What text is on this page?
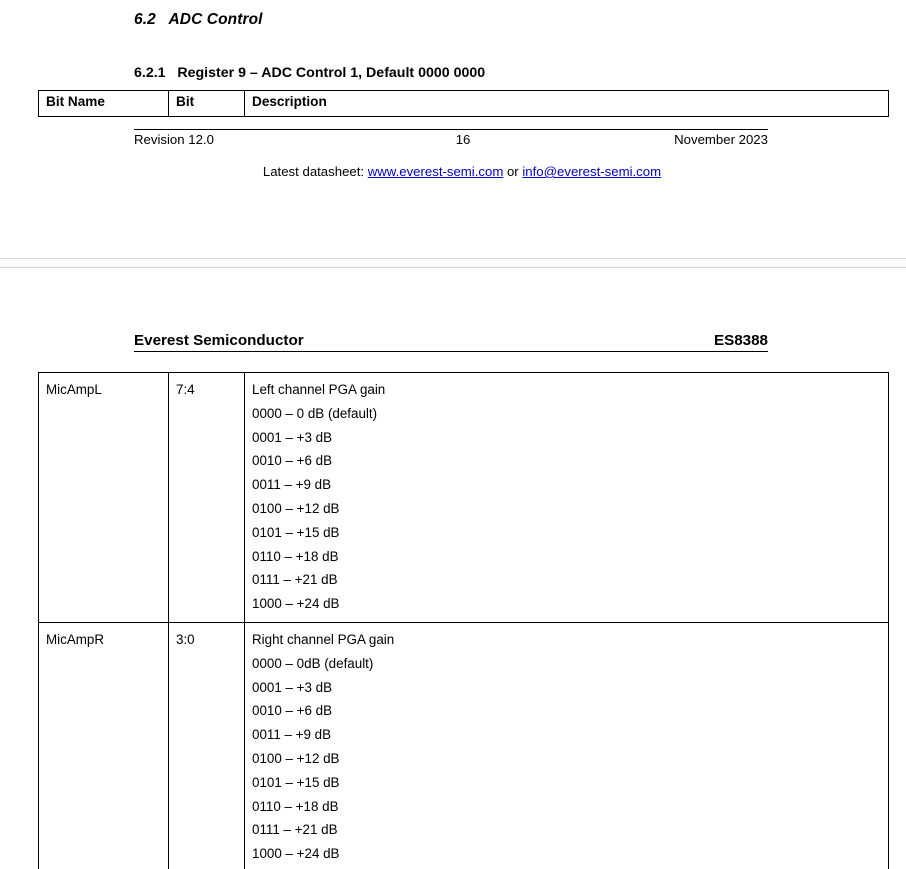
6.2   ADC Control
6.2.1   Register 9 – ADC Control 1, Default 0000 0000
Bit Name	Bit	Description
Revision 12.0	16	November 2023

Latest datasheet: www.everest-semi.com or info@everest-semi.com

Everest Semiconductor	ES8388
MicAmpL	7:4	Left channel PGA gain
0000 – 0 dB (default)
0001 – +3 dB
0010 – +6 dB
0011 – +9 dB
0100 – +12 dB
0101 – +15 dB
0110 – +18 dB
0111 – +21 dB
1000 – +24 dB

MicAmpR	3:0	Right channel PGA gain
0000 – 0dB (default)
0001 – +3 dB
0010 – +6 dB
0011 – +9 dB
0100 – +12 dB
0101 – +15 dB
0110 – +18 dB
0111 – +21 dB
1000 – +24 dB
